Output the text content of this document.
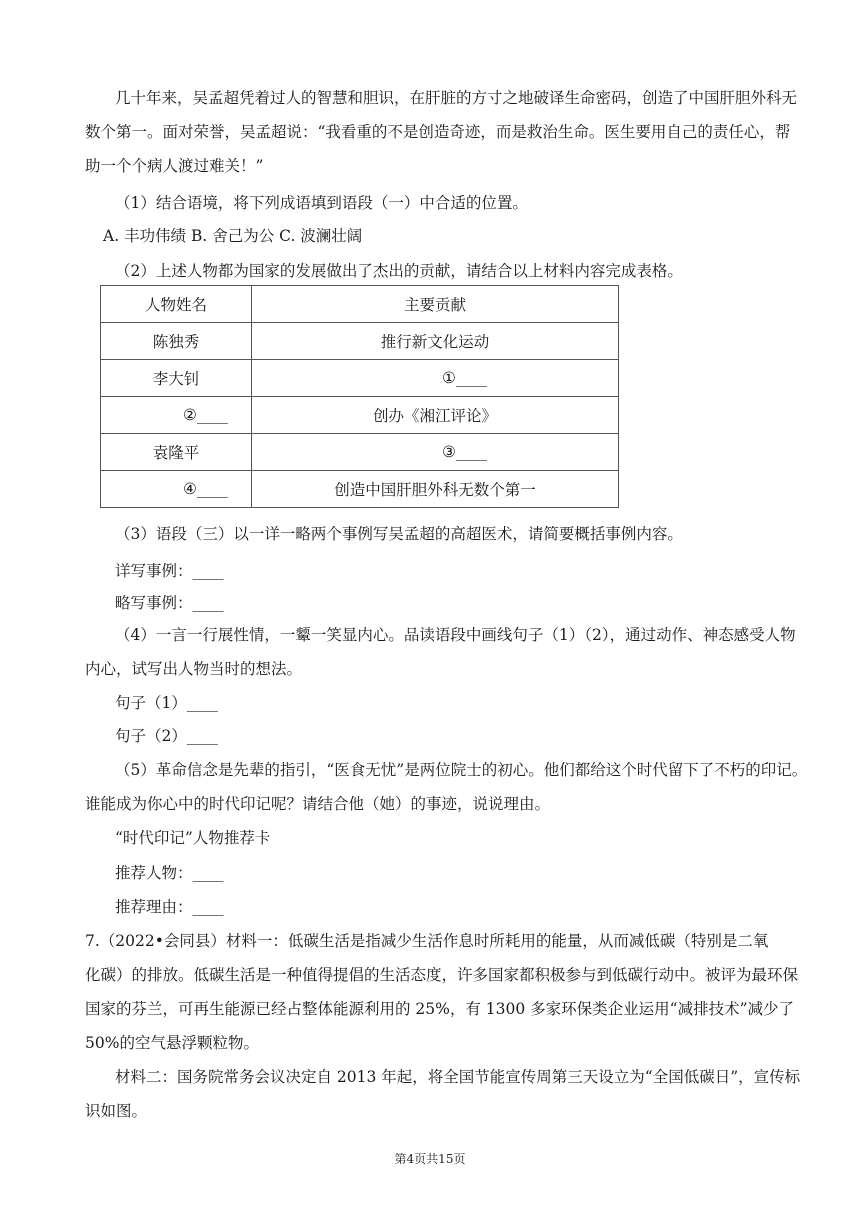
几十年来，吴孟超凭着过人的智慧和胆识，在肝脏的方寸之地破译生命密码，创造了中国肝胆外科无
数个第一。面对荣誉，吴孟超说：“我看重的不是创造奇迹，而是救治生命。医生要用自己的责任心，帮
助一个个病人渡过难关！”
（1）结合语境，将下列成语填到语段（一）中合适的位置。
A. 丰功伟绩 B. 舍己为公 C. 波澜壮阔
（2）上述人物都为国家的发展做出了杰出的贡献，请结合以上材料内容完成表格。
人物姓名	主要贡献
陈独秀	推行新文化运动
李大钊	①____
②____	创办《湘江评论》
袁隆平	③____
④____	创造中国肝胆外科无数个第一
（3）语段（三）以一详一略两个事例写吴孟超的高超医术，请简要概括事例内容。
详写事例：____
略写事例：____
（4）一言一行展性情，一颦一笑显内心。品读语段中画线句子（1）（2），通过动作、神态感受人物
内心，试写出人物当时的想法。
句子（1）____
句子（2）____
（5）革命信念是先辈的指引，“医食无忧”是两位院士的初心。他们都给这个时代留下了不朽的印记。
谁能成为你心中的时代印记呢？请结合他（她）的事迹，说说理由。
“时代印记”人物推荐卡
推荐人物：____
推荐理由：____
7.（2022•会同县）材料一：低碳生活是指减少生活作息时所耗用的能量，从而减低碳（特别是二氧
化碳）的排放。低碳生活是一种值得提倡的生活态度，许多国家都积极参与到低碳行动中。被评为最环保
国家的芬兰，可再生能源已经占整体能源利用的 25%，有 1300 多家环保类企业运用“减排技术”减少了
50%的空气悬浮颗粒物。
材料二：国务院常务会议决定自 2013 年起，将全国节能宣传周第三天设立为“全国低碳日”，宣传标
识如图。
第4页共15页
